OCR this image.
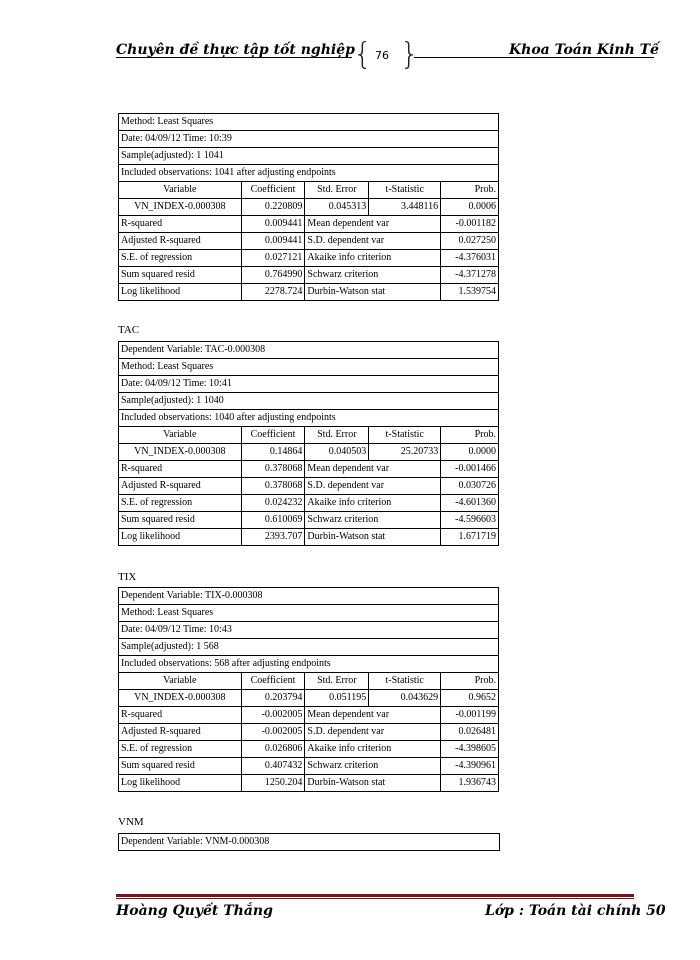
Chuyên đề thực tập tốt nghiệp
{ 76 }	Khoa Toán Kinh Tế
Method: Least Squares				
Date: 04/09/12 Time: 10:39				
Sample(adjusted): 1 1041				
Included observations: 1041 after adjusting endpoints				
Variable	Coefficient	Std. Error	t-Statistic	Prob.
VN_INDEX-0.000308	0.220809	0.045313	3.448116	0.0006
R-squared	0.009441	Mean dependent var		-0.001182
Adjusted R-squared	0.009441	S.D. dependent var		0.027250
S.E. of regression	0.027121	Akaike info criterion		-4.376031
Sum squared resid	0.764990	Schwarz criterion		-4.371278
Log likelihood	2278.724	Durbin-Watson stat		1.539754
TAC
Dependent Variable: TAC-0.000308				
Method: Least Squares				
Date: 04/09/12 Time: 10:41				
Sample(adjusted): 1 1040				
Included observations: 1040 after adjusting endpoints				
Variable	Coefficient	Std. Error	t-Statistic	Prob.
VN_INDEX-0.000308	0.14864	0.040503	25.20733	0.0000
R-squared	0.378068	Mean dependent var		-0.001466
Adjusted R-squared	0.378068	S.D. dependent var		0.030726
S.E. of regression	0.024232	Akaike info criterion		-4.601360
Sum squared resid	0.610069	Schwarz criterion		-4.596603
Log likelihood	2393.707	Durbin-Watson stat		1.671719
TIX
Dependent Variable: TIX-0.000308				
Method: Least Squares				
Date: 04/09/12 Time: 10:43				
Sample(adjusted): 1 568				
Included observations: 568 after adjusting endpoints				
Variable	Coefficient	Std. Error	t-Statistic	Prob.
VN_INDEX-0.000308	0.203794	0.051195	0.043629	0.9652
R-squared	-0.002005	Mean dependent var		-0.001199
Adjusted R-squared	-0.002005	S.D. dependent var		0.026481
S.E. of regression	0.026806	Akaike info criterion		-4.398605
Sum squared resid	0.407432	Schwarz criterion		-4.390961
Log likelihood	1250.204	Durbin-Watson stat		1.936743
VNM
Dependent Variable: VNM-0.000308
Hoàng Quyết Thắng	Lớp : Toán tài chính 50
